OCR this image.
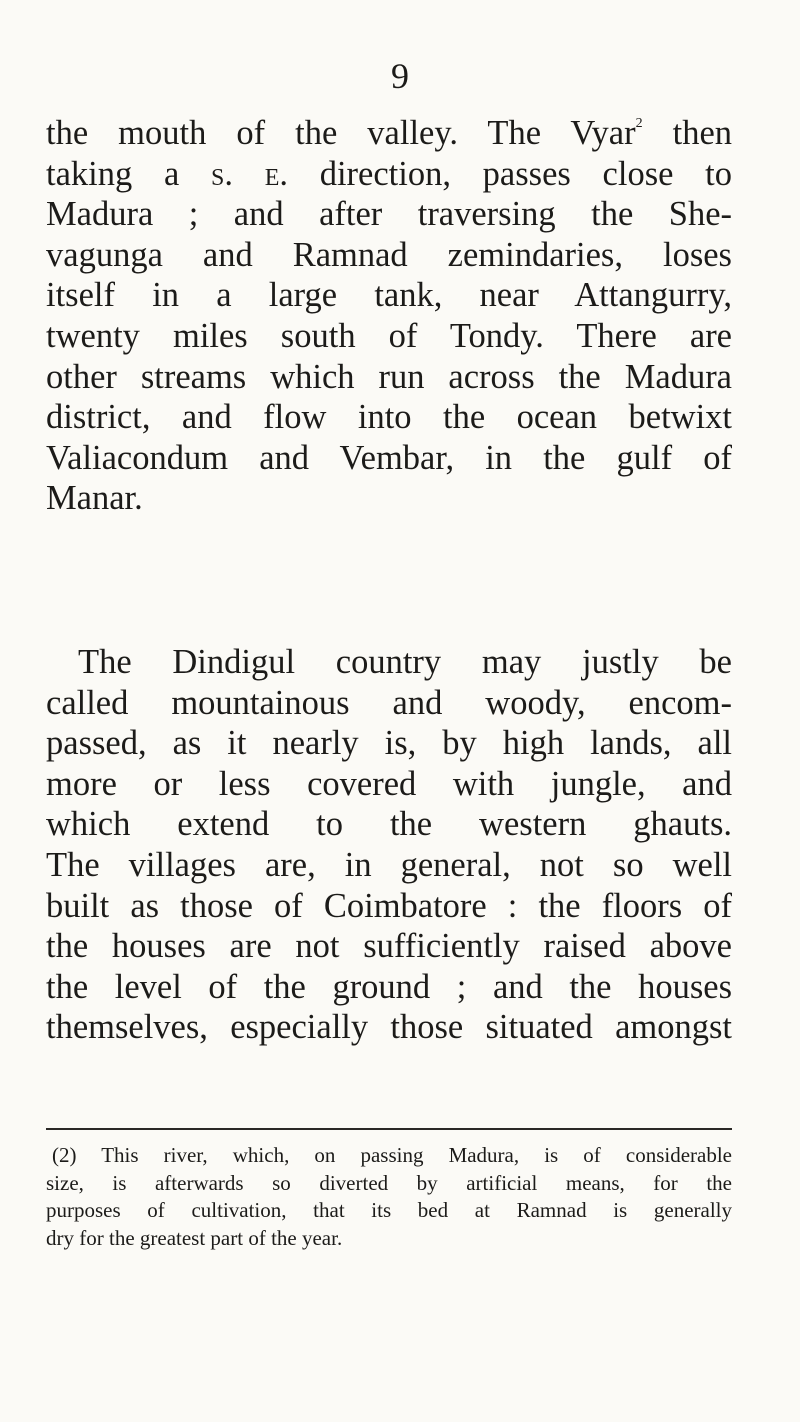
9
the mouth of the valley. The Vyar$^2$ then
taking a s. e. direction, passes close to
Madura ; and after traversing the She-
vagunga and Ramnad zemindaries, loses
itself in a large tank, near Attangurry,
twenty miles south of Tondy. There are
other streams which run across the Madura
district, and flow into the ocean betwixt
Valiacondum and Vembar, in the gulf of
Manar.
The Dindigul country may justly be
called mountainous and woody, encom-
passed, as it nearly is, by high lands, all
more or less covered with jungle, and
which extend to the western ghauts.
The villages are, in general, not so well
built as those of Coimbatore : the floors of
the houses are not sufficiently raised above
the level of the ground ; and the houses
themselves, especially those situated amongst
(2) This river, which, on passing Madura, is of considerable
size, is afterwards so diverted by artificial means, for the
purposes of cultivation, that its bed at Ramnad is generally
dry for the greatest part of the year.
